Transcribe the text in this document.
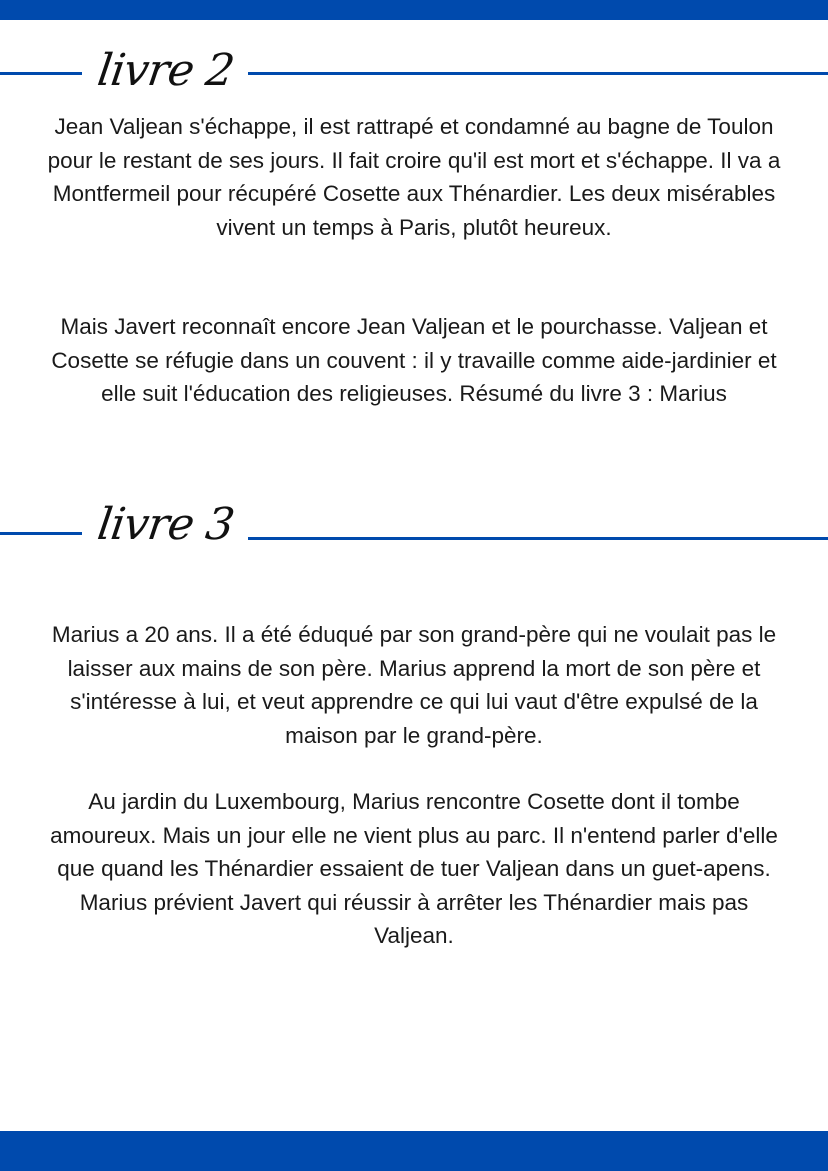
livre 2

Jean Valjean s'échappe, il est rattrapé et condamné au bagne de Toulon pour le restant de ses jours. Il fait croire qu'il est mort et s'échappe. Il va a Montfermeil pour récupéré Cosette aux Thénardier. Les deux misérables vivent un temps à Paris, plutôt heureux.

Mais Javert reconnaît encore Jean Valjean et le pourchasse. Valjean et Cosette se réfugie dans un couvent : il y travaille comme aide-jardinier et elle suit l'éducation des religieuses. Résumé du livre 3 : Marius

livre 3

Marius a 20 ans. Il a été éduqué par son grand-père qui ne voulait pas le laisser aux mains de son père. Marius apprend la mort de son père et s'intéresse à lui, et veut apprendre ce qui lui vaut d'être expulsé de la maison par le grand-père.

Au jardin du Luxembourg, Marius rencontre Cosette dont il tombe amoureux. Mais un jour elle ne vient plus au parc. Il n'entend parler d'elle que quand les Thénardier essaient de tuer Valjean dans un guet-apens. Marius prévient Javert qui réussir à arrêter les Thénardier mais pas Valjean.
